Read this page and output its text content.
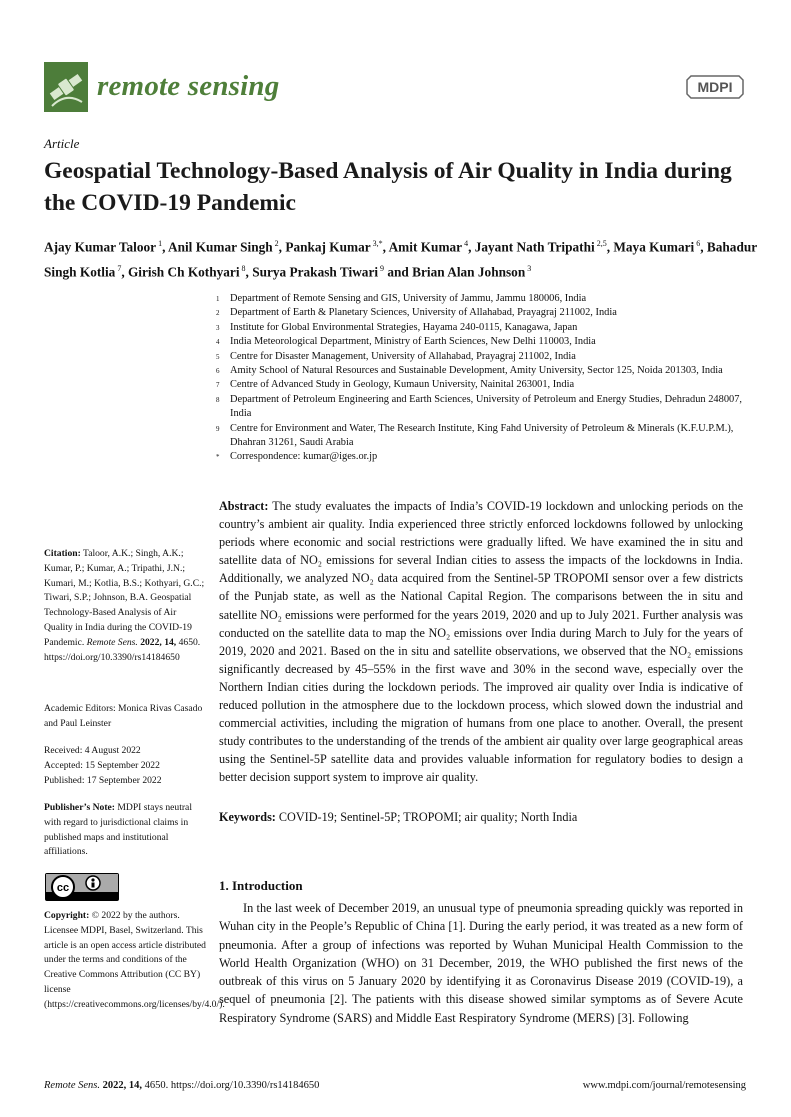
remote sensing	MDPI
Article
Geospatial Technology-Based Analysis of Air Quality in India during the COVID-19 Pandemic
Ajay Kumar Taloor $^1$, Anil Kumar Singh $^2$, Pankaj Kumar $^{3,*}$, Amit Kumar $^4$, Jayant Nath Tripathi $^{2,5}$, Maya Kumari $^6$, Bahadur Singh Kotlia $^7$, Girish Ch Kothyari $^8$, Surya Prakash Tiwari $^9$ and Brian Alan Johnson $^3$
1 Department of Remote Sensing and GIS, University of Jammu, Jammu 180006, India
2 Department of Earth & Planetary Sciences, University of Allahabad, Prayagraj 211002, India
3 Institute for Global Environmental Strategies, Hayama 240-0115, Kanagawa, Japan
4 India Meteorological Department, Ministry of Earth Sciences, New Delhi 110003, India
5 Centre for Disaster Management, University of Allahabad, Prayagraj 211002, India
6 Amity School of Natural Resources and Sustainable Development, Amity University, Sector 125, Noida 201303, India
7 Centre of Advanced Study in Geology, Kumaun University, Nainital 263001, India
8 Department of Petroleum Engineering and Earth Sciences, University of Petroleum and Energy Studies, Dehradun 248007, India
9 Centre for Environment and Water, The Research Institute, King Fahd University of Petroleum & Minerals (K.F.U.P.M.), Dhahran 31261, Saudi Arabia
* Correspondence: kumar@iges.or.jp
Abstract: The study evaluates the impacts of India’s COVID-19 lockdown and unlocking periods on the country’s ambient air quality. India experienced three strictly enforced lockdowns followed by unlocking periods where economic and social restrictions were gradually lifted. We have examined the in situ and satellite data of NO₂ emissions for several Indian cities to assess the impacts of the lockdowns in India. Additionally, we analyzed NO₂ data acquired from the Sentinel-5P TROPOMI sensor over a few districts of the Punjab state, as well as the National Capital Region. The comparisons between the in situ and satellite NO₂ emissions were performed for the years 2019, 2020 and up to July 2021. Further analysis was conducted on the satellite data to map the NO₂ emissions over India during March to July for the years of 2019, 2020 and 2021. Based on the in situ and satellite observations, we observed that the NO₂ emissions significantly decreased by 45–55% in the first wave and 30% in the second wave, especially over the Northern Indian cities during the lockdown periods. The improved air quality over India is indicative of reduced pollution in the atmosphere due to the lockdown process, which slowed down the industrial and commercial activities, including the migration of humans from one place to another. Overall, the present study contributes to the understanding of the trends of the ambient air quality over large geographical areas using the Sentinel-5P satellite data and provides valuable information for regulatory bodies to design a better decision support system to improve air quality.
Keywords: COVID-19; Sentinel-5P; TROPOMI; air quality; North India

Citation: Taloor, A.K.; Singh, A.K.; Kumar, P.; Kumar, A.; Tripathi, J.N.; Kumari, M.; Kotlia, B.S.; Kothyari, G.C.; Tiwari, S.P.; Johnson, B.A. Geospatial Technology-Based Analysis of Air Quality in India during the COVID-19 Pandemic. Remote Sens. 2022, 14, 4650. https://doi.org/10.3390/rs14184650

Academic Editors: Monica Rivas Casado and Paul Leinster
Received: 4 August 2022
Accepted: 15 September 2022
Published: 17 September 2022
Publisher’s Note: MDPI stays neutral with regard to jurisdictional claims in published maps and institutional affiliations.
cc
Copyright: © 2022 by the authors. Licensee MDPI, Basel, Switzerland. This article is an open access article distributed under the terms and conditions of the Creative Commons Attribution (CC BY) license (https://creativecommons.org/licenses/by/4.0/).
1. Introduction
In the last week of December 2019, an unusual type of pneumonia spreading quickly was reported in Wuhan city in the People’s Republic of China [1]. During the early period, it was treated as a new form of pneumonia. After a group of infections was reported by Wuhan Municipal Health Commission to the World Health Organization (WHO) on 31 December, 2019, the WHO published the first news of the outbreak of this virus on 5 January 2020 by identifying it as Coronavirus Disease 2019 (COVID-19), a sequel of pneumonia [2]. The patients with this disease showed similar symptoms as of Severe Acute Respiratory Syndrome (SARS) and Middle East Respiratory Syndrome (MERS) [3]. Following
Remote Sens. 2022, 14, 4650. https://doi.org/10.3390/rs14184650	www.mdpi.com/journal/remotesensing
